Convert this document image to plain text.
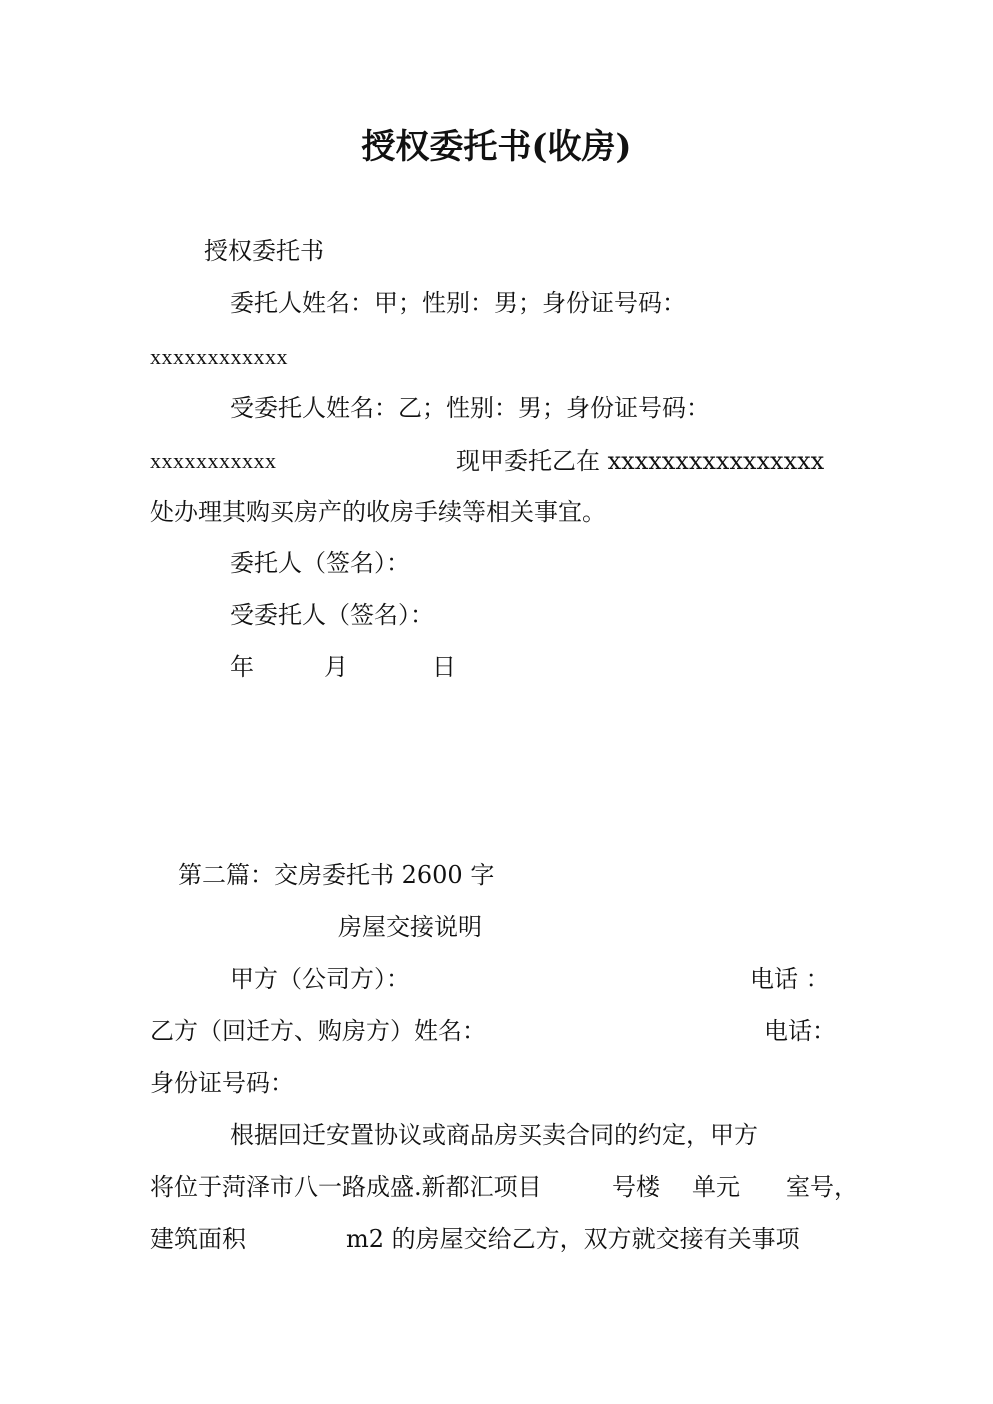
授权委托书(收房)
授权委托书
委托人姓名：甲；性别：男；身份证号码：
xxxxxxxxxxxx
受委托人姓名：乙；性别：男；身份证号码：
xxxxxxxxxxx	现甲委托乙在 xxxxxxxxxxxxxxxx
处办理其购买房产的收房手续等相关事宜。
委托人（签名）：
受委托人（签名）：
年	月	日
第二篇：交房委托书 2600 字
房屋交接说明
甲方（公司方）：	电话 ：
乙方（回迁方、购房方）姓名：	电话：
身份证号码：
根据回迁安置协议或商品房买卖合同的约定，甲方
将位于菏泽市八一路成盛.新都汇项目	号楼 单元 室号，
建筑面积	m2 的房屋交给乙方，双方就交接有关事项
